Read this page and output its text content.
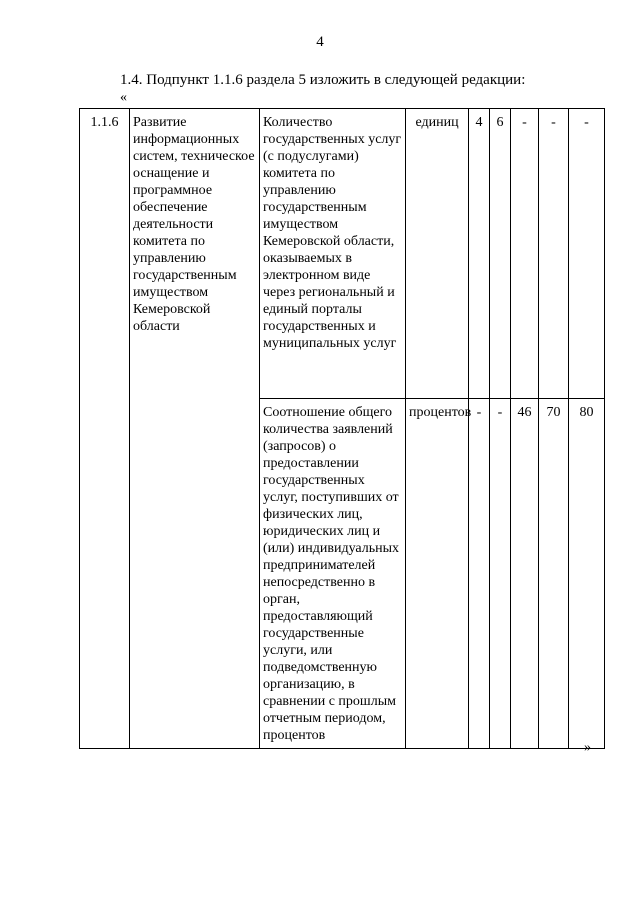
4
1.4. Подпункт 1.1.6 раздела 5 изложить в следующей редакции:
«
1.1.6	Развитие информационных систем, техническое оснащение и программное обеспечение деятельности комитета по управлению государственным имуществом Кемеровской области	Количество государственных услуг (с подуслугами) комитета по управлению государственным имуществом Кемеровской области, оказываемых в электронном виде через региональный и единый порталы государственных и муниципальных услуг	единиц	4	6	-	-	-
		Соотношение общего количества заявлений (запросов) о предоставлении государственных услуг, поступивших от физических лиц, юридических лиц и (или) индивидуальных предпринимателей непосредственно в орган, предоставляющий государственные услуги, или подведомственную организацию, в сравнении с прошлым отчетным периодом, процентов	процентов	-	-	46	70	80
»
